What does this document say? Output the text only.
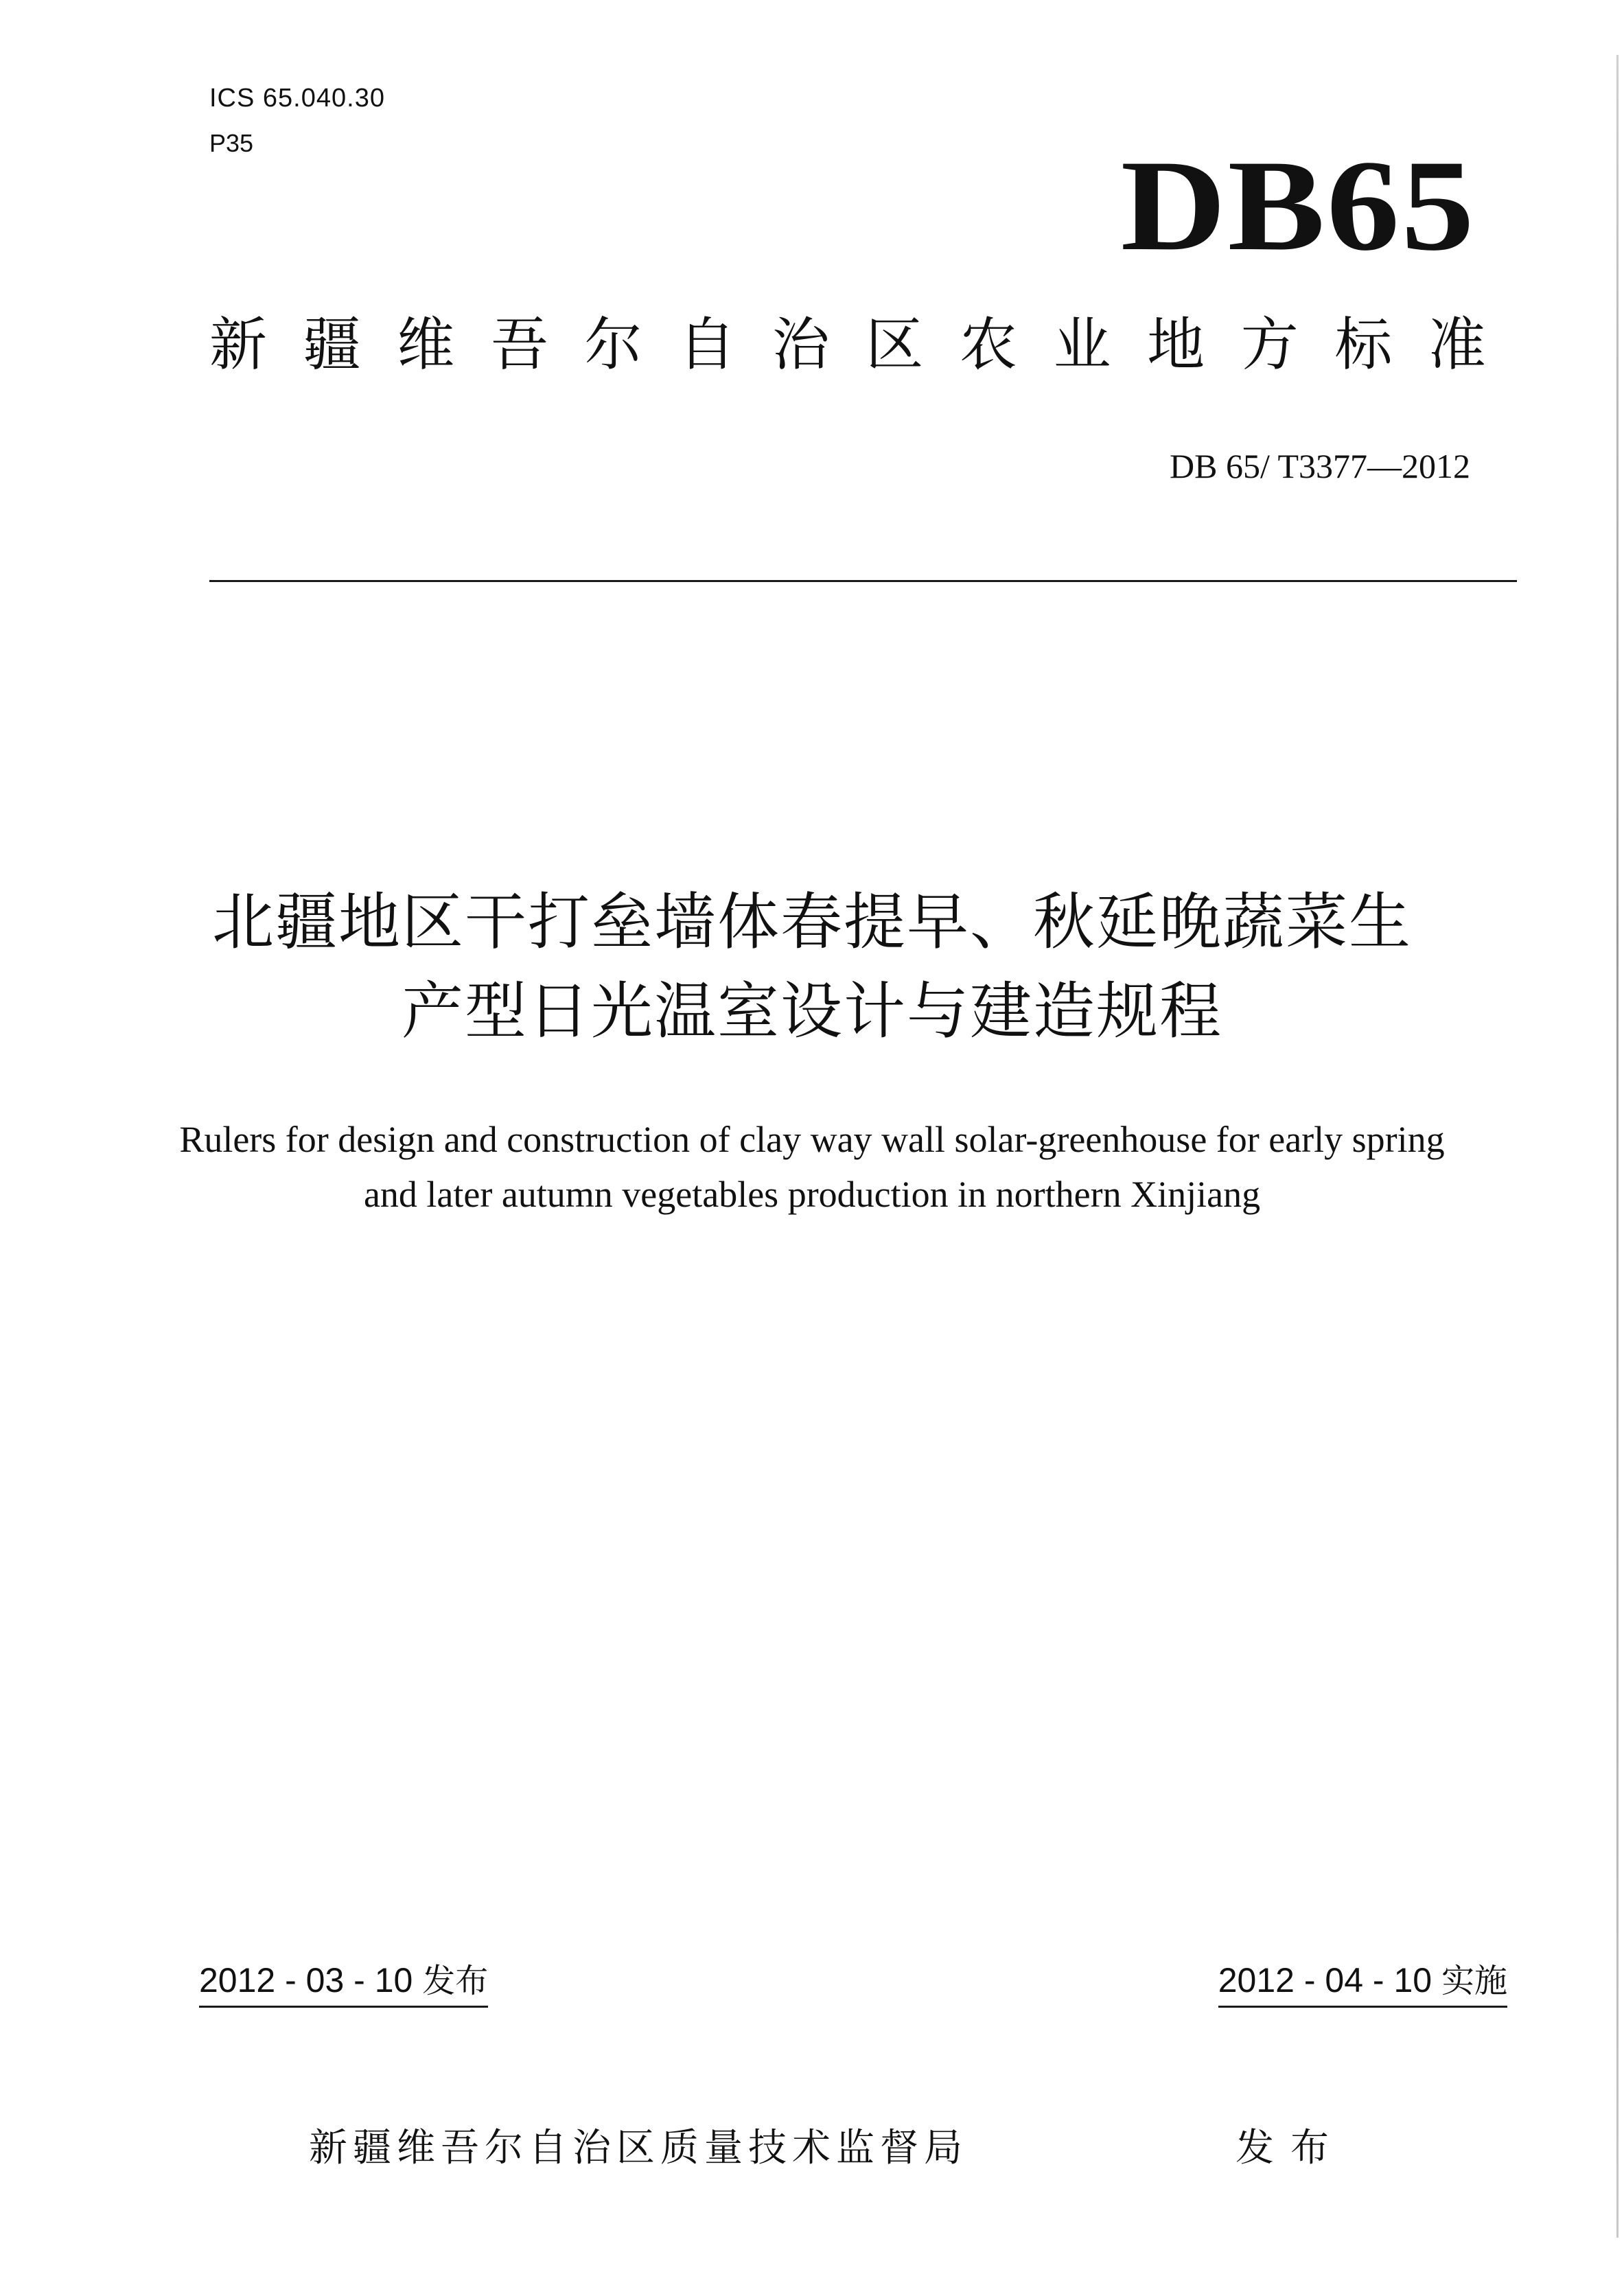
ICS 65.040.30
P35	DB65
新 疆 维 吾 尔 自 治 区 农 业 地 方 标 准
DB 65/ T3377—2012
北疆地区干打垒墙体春提早、秋延晚蔬菜生
产型日光温室设计与建造规程
Rulers for design and construction of clay way wall solar-greenhouse for early spring
and later autumn vegetables production in northern Xinjiang
2012 - 03 - 10 发布	2012 - 04 - 10 实施
新疆维吾尔自治区质量技术监督局	发布
